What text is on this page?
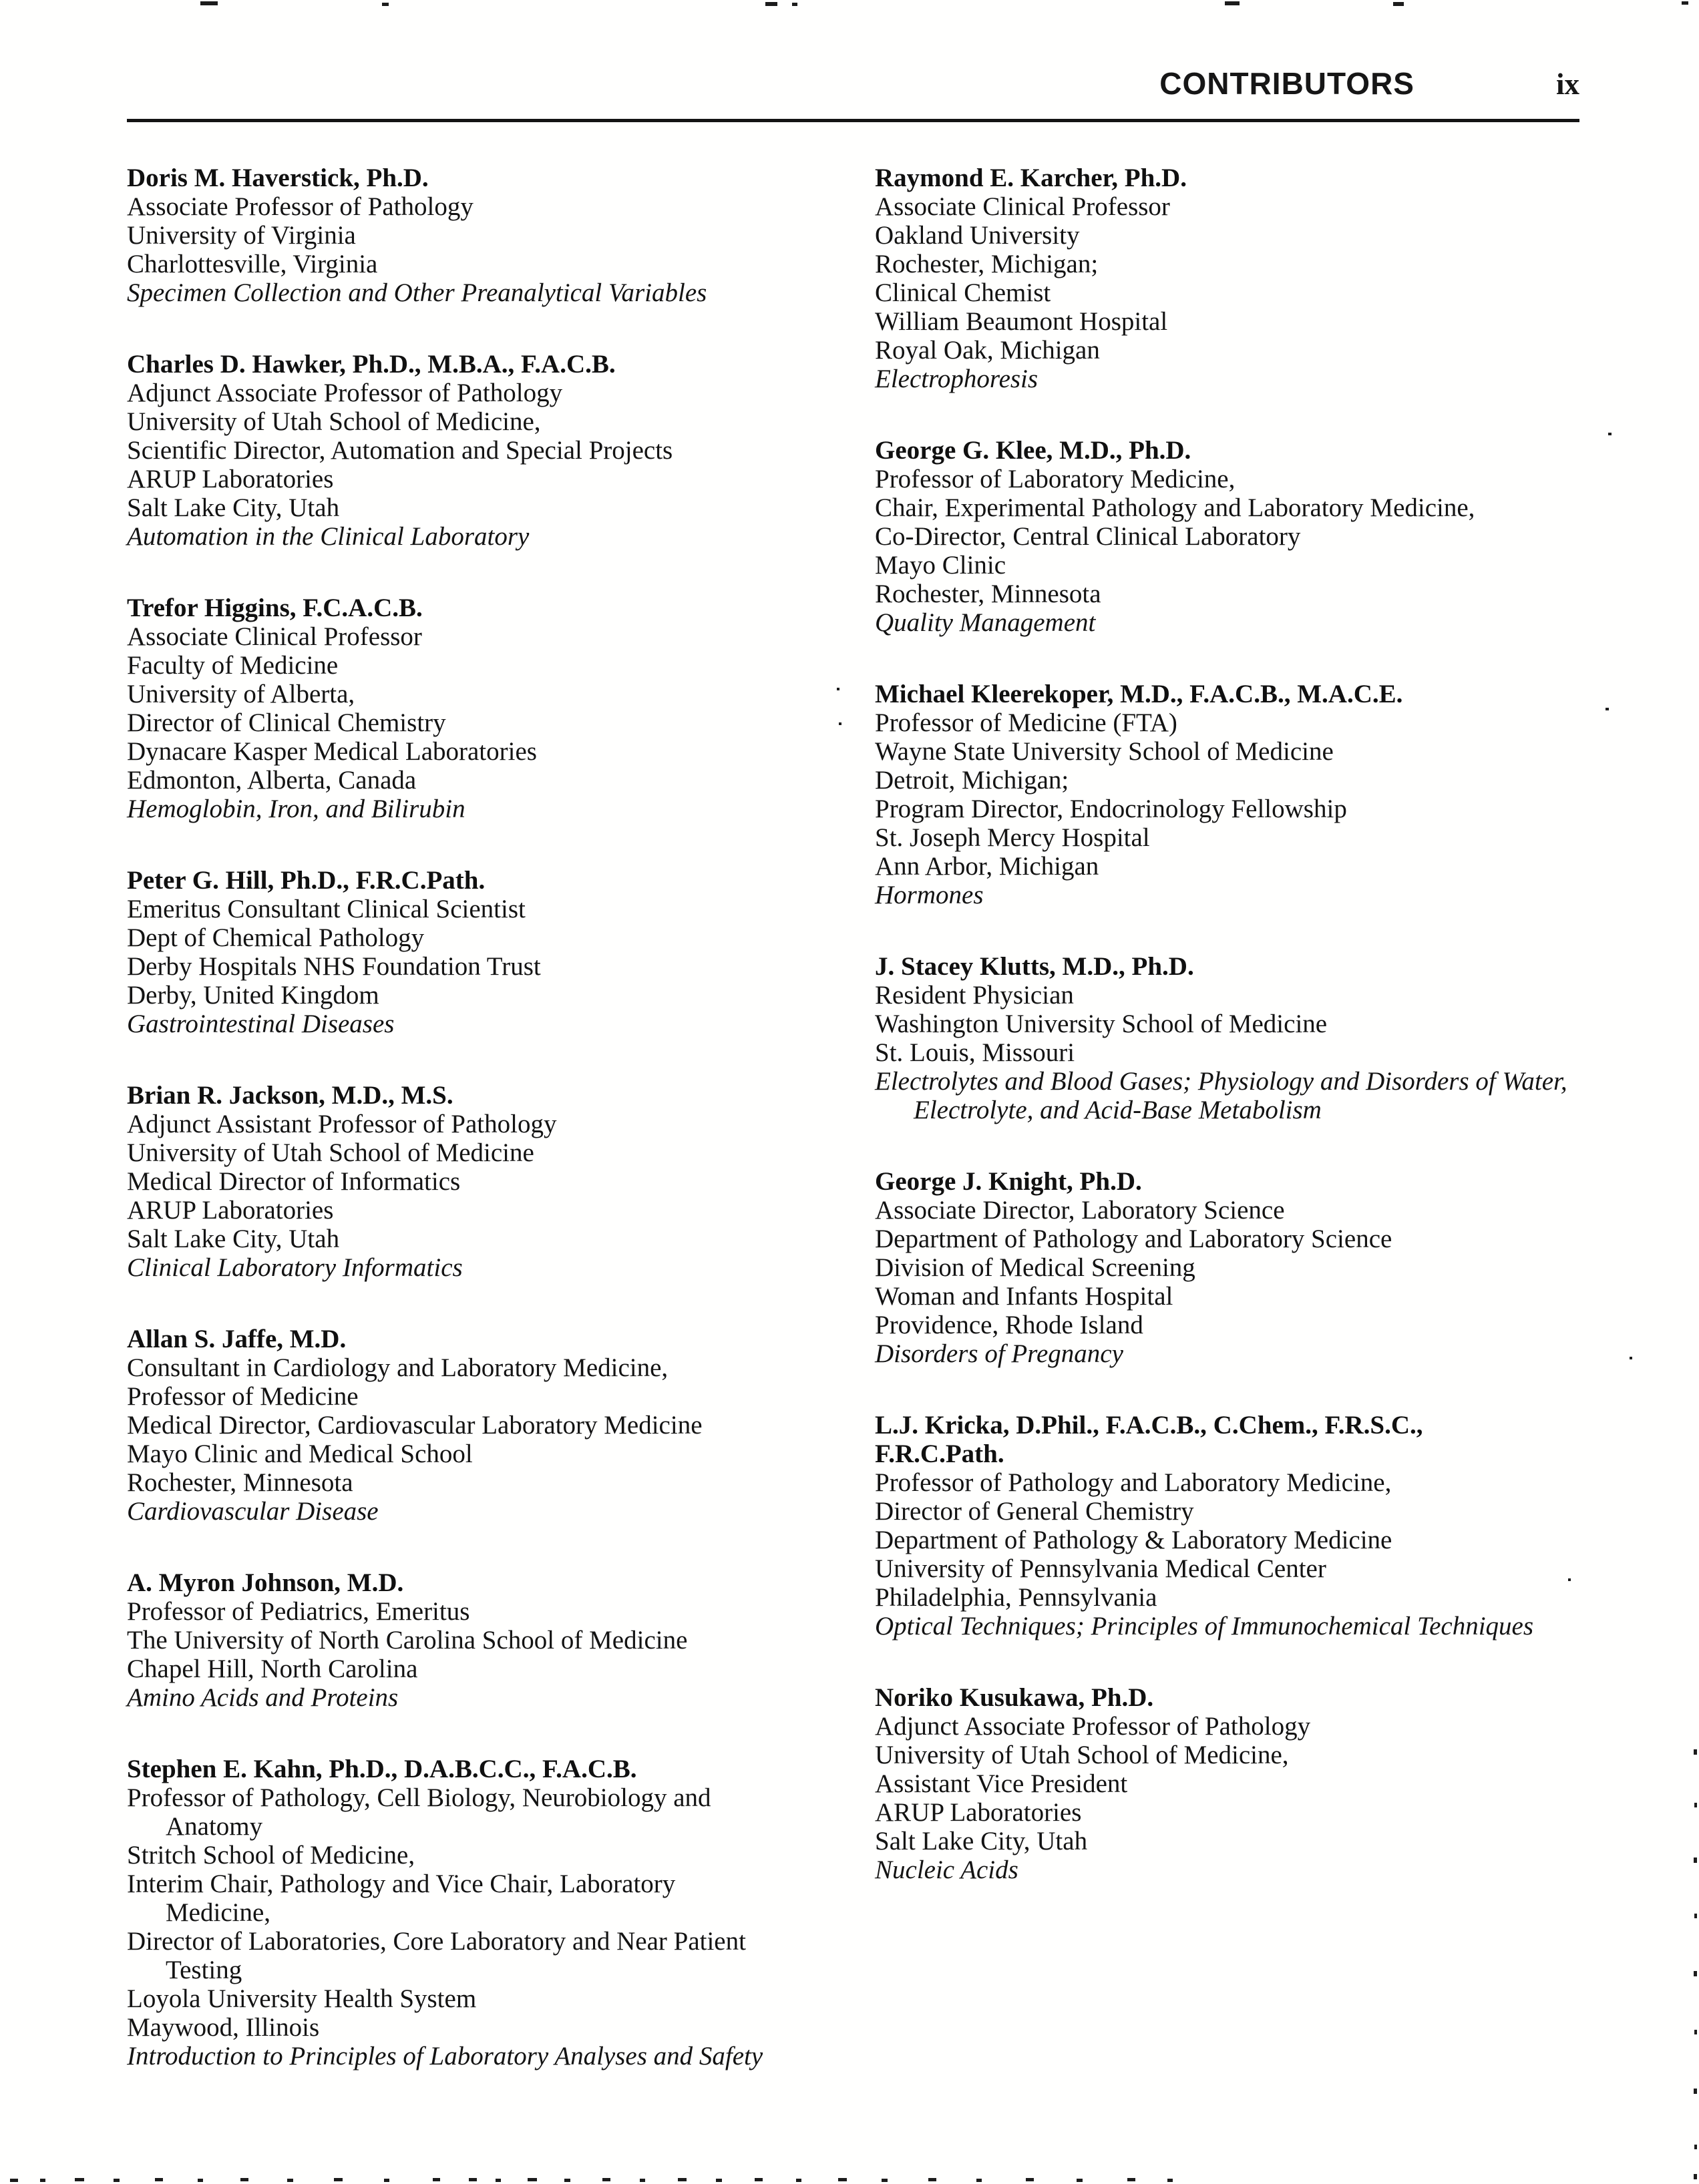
CONTRIBUTORS	ix
Doris M. Haverstick, Ph.D.
Associate Professor of Pathology
University of Virginia
Charlottesville, Virginia
Specimen Collection and Other Preanalytical Variables
Charles D. Hawker, Ph.D., M.B.A., F.A.C.B.
Adjunct Associate Professor of Pathology
University of Utah School of Medicine,
Scientific Director, Automation and Special Projects
ARUP Laboratories
Salt Lake City, Utah
Automation in the Clinical Laboratory
Trefor Higgins, F.C.A.C.B.
Associate Clinical Professor
Faculty of Medicine
University of Alberta,
Director of Clinical Chemistry
Dynacare Kasper Medical Laboratories
Edmonton, Alberta, Canada
Hemoglobin, Iron, and Bilirubin
Peter G. Hill, Ph.D., F.R.C.Path.
Emeritus Consultant Clinical Scientist
Dept of Chemical Pathology
Derby Hospitals NHS Foundation Trust
Derby, United Kingdom
Gastrointestinal Diseases
Brian R. Jackson, M.D., M.S.
Adjunct Assistant Professor of Pathology
University of Utah School of Medicine
Medical Director of Informatics
ARUP Laboratories
Salt Lake City, Utah
Clinical Laboratory Informatics
Allan S. Jaffe, M.D.
Consultant in Cardiology and Laboratory Medicine,
Professor of Medicine
Medical Director, Cardiovascular Laboratory Medicine
Mayo Clinic and Medical School
Rochester, Minnesota
Cardiovascular Disease
A. Myron Johnson, M.D.
Professor of Pediatrics, Emeritus
The University of North Carolina School of Medicine
Chapel Hill, North Carolina
Amino Acids and Proteins
Stephen E. Kahn, Ph.D., D.A.B.C.C., F.A.C.B.
Professor of Pathology, Cell Biology, Neurobiology and
Anatomy
Stritch School of Medicine,
Interim Chair, Pathology and Vice Chair, Laboratory
Medicine,
Director of Laboratories, Core Laboratory and Near Patient
Testing
Loyola University Health System
Maywood, Illinois
Introduction to Principles of Laboratory Analyses and Safety
Raymond E. Karcher, Ph.D.
Associate Clinical Professor
Oakland University
Rochester, Michigan;
Clinical Chemist
William Beaumont Hospital
Royal Oak, Michigan
Electrophoresis
George G. Klee, M.D., Ph.D.
Professor of Laboratory Medicine,
Chair, Experimental Pathology and Laboratory Medicine,
Co-Director, Central Clinical Laboratory
Mayo Clinic
Rochester, Minnesota
Quality Management
Michael Kleerekoper, M.D., F.A.C.B., M.A.C.E.
Professor of Medicine (FTA)
Wayne State University School of Medicine
Detroit, Michigan;
Program Director, Endocrinology Fellowship
St. Joseph Mercy Hospital
Ann Arbor, Michigan
Hormones
J. Stacey Klutts, M.D., Ph.D.
Resident Physician
Washington University School of Medicine
St. Louis, Missouri
Electrolytes and Blood Gases; Physiology and Disorders of Water,
Electrolyte, and Acid-Base Metabolism
George J. Knight, Ph.D.
Associate Director, Laboratory Science
Department of Pathology and Laboratory Science
Division of Medical Screening
Woman and Infants Hospital
Providence, Rhode Island
Disorders of Pregnancy
L.J. Kricka, D.Phil., F.A.C.B., C.Chem., F.R.S.C.,
F.R.C.Path.
Professor of Pathology and Laboratory Medicine,
Director of General Chemistry
Department of Pathology & Laboratory Medicine
University of Pennsylvania Medical Center
Philadelphia, Pennsylvania
Optical Techniques; Principles of Immunochemical Techniques
Noriko Kusukawa, Ph.D.
Adjunct Associate Professor of Pathology
University of Utah School of Medicine,
Assistant Vice President
ARUP Laboratories
Salt Lake City, Utah
Nucleic Acids
